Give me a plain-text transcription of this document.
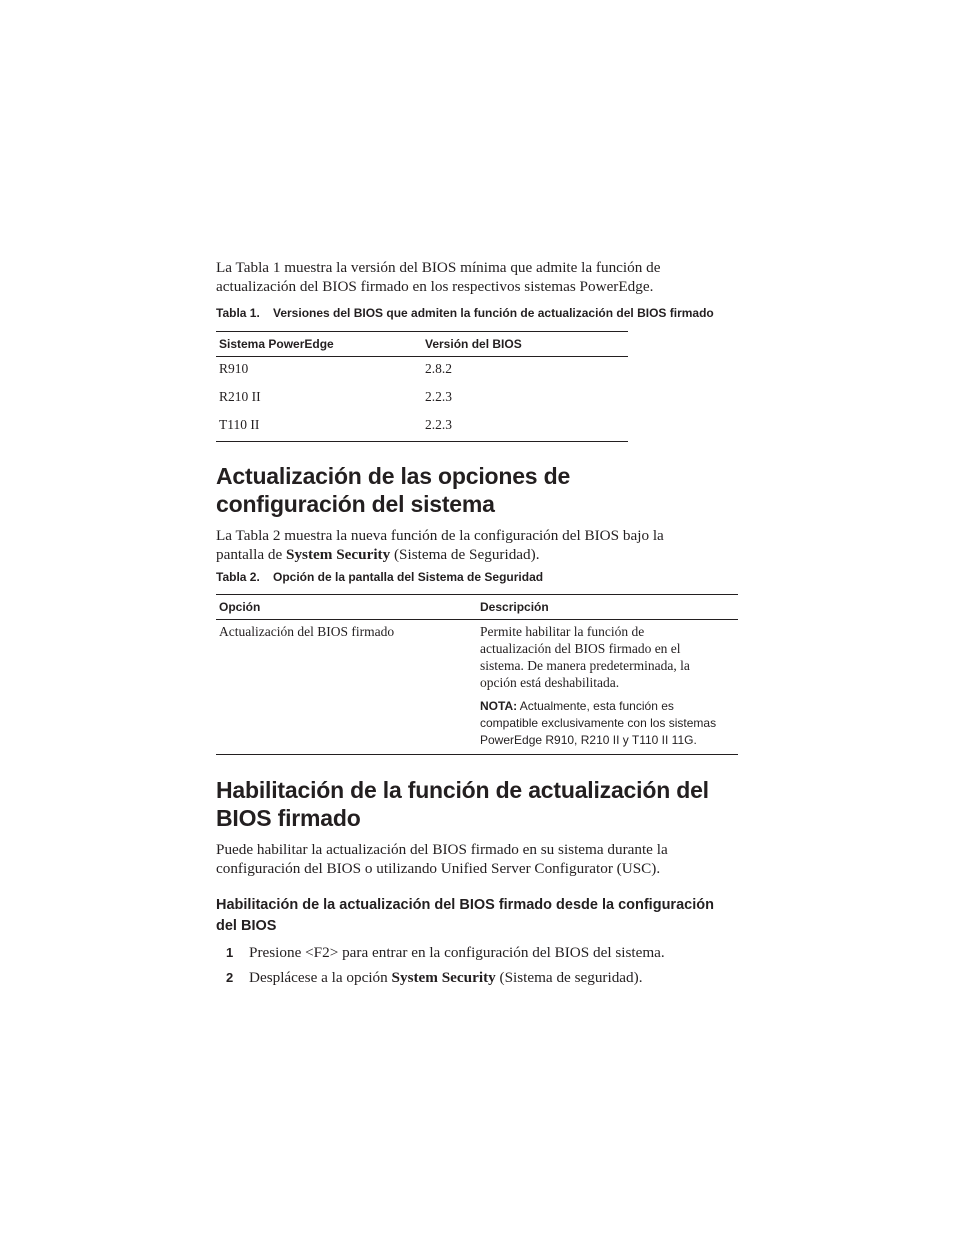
La Tabla 1 muestra la versión del BIOS mínima que admite la función de actualización del BIOS firmado en los respectivos sistemas PowerEdge.

Tabla 1. Versiones del BIOS que admiten la función de actualización del BIOS firmado

Sistema PowerEdge	Versión del BIOS
R910	2.8.2
R210 II	2.2.3
T110 II	2.2.3
Actualización de las opciones de configuración del sistema

La Tabla 2 muestra la nueva función de la configuración del BIOS bajo la pantalla de System Security (Sistema de Seguridad).

Tabla 2. Opción de la pantalla del Sistema de Seguridad

Opción	Descripción
Actualización del BIOS firmado	Permite habilitar la función de actualización del BIOS firmado en el sistema. De manera predeterminada, la opción está deshabilitada.
NOTA: Actualmente, esta función es compatible exclusivamente con los sistemas PowerEdge R910, R210 II y T110 II 11G.
Habilitación de la función de actualización del BIOS firmado

Puede habilitar la actualización del BIOS firmado en su sistema durante la configuración del BIOS o utilizando Unified Server Configurator (USC).

Habilitación de la actualización del BIOS firmado desde la configuración del BIOS
1 Presione <F2> para entrar en la configuración del BIOS del sistema.
2 Desplácese a la opción System Security (Sistema de seguridad).
